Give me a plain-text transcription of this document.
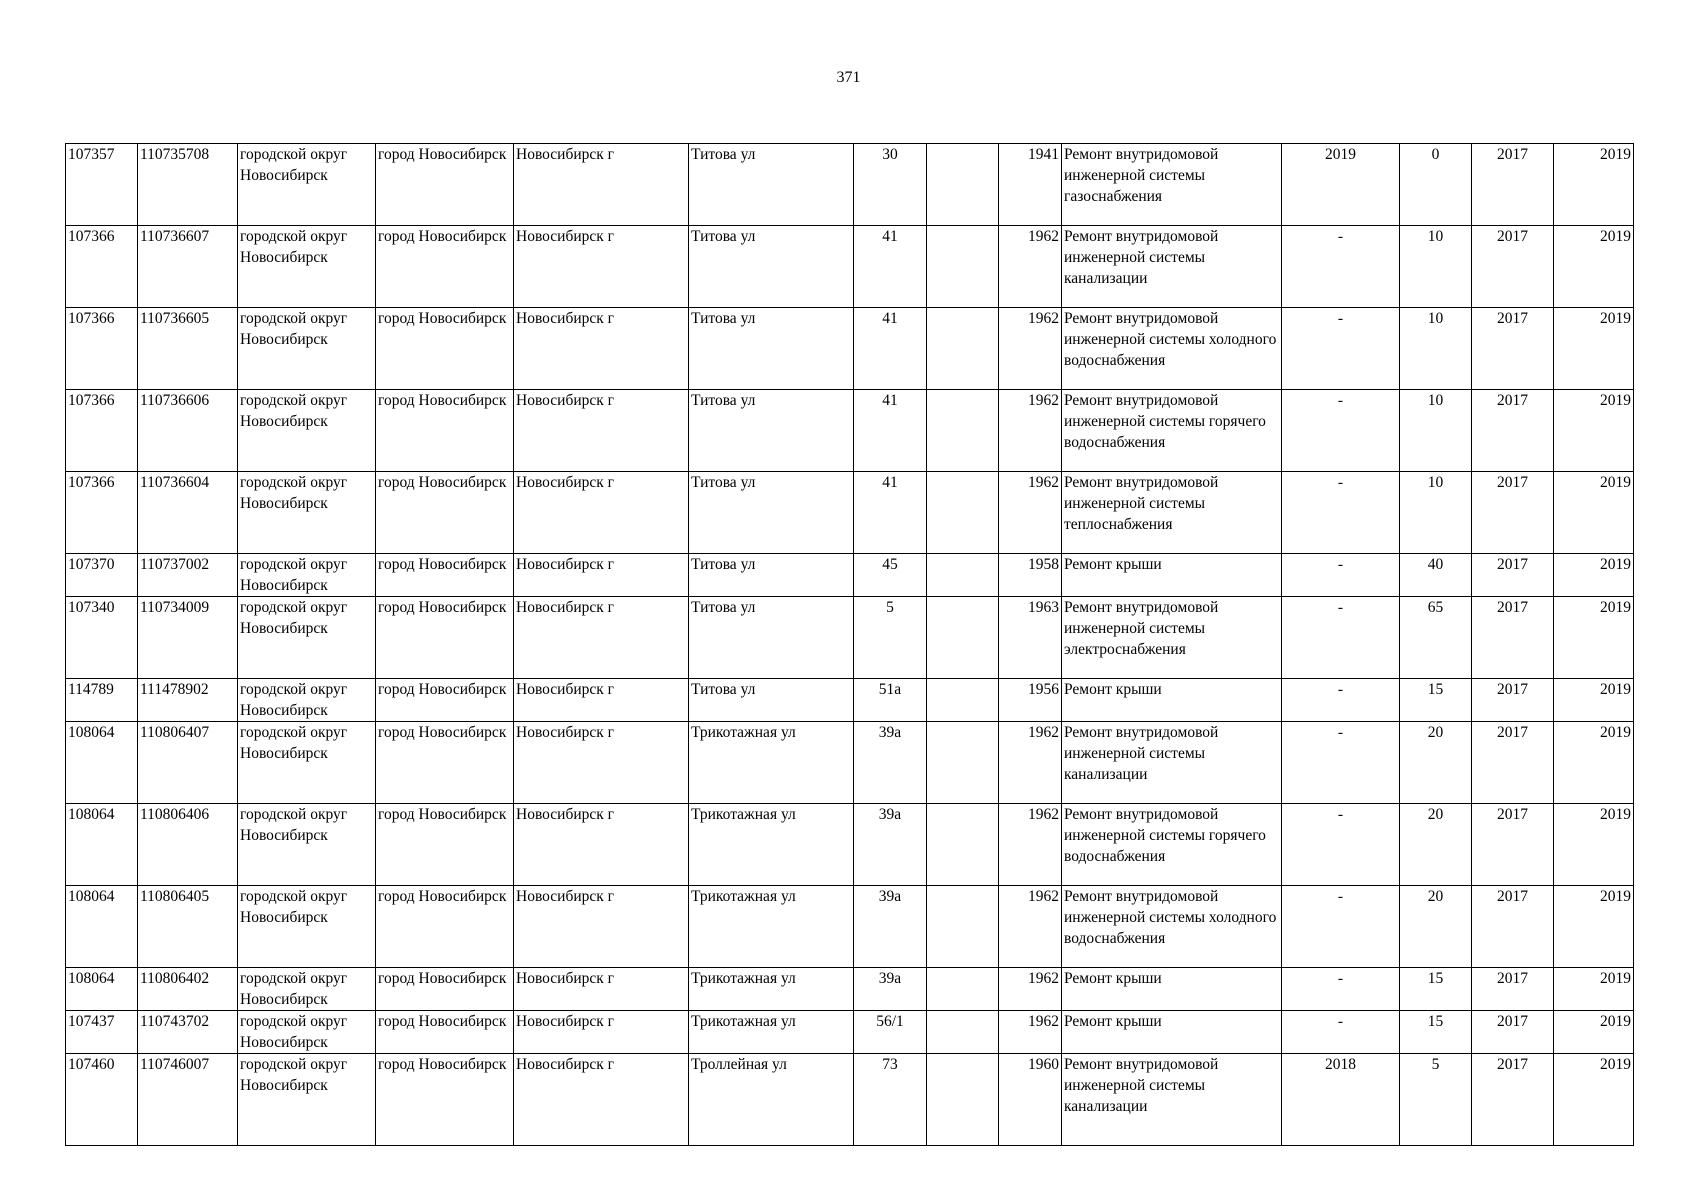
371
107357	110735708	городской округ Новосибирск	город Новосибирск	Новосибирск г	Титова ул	30		1941	Ремонт внутридомовой инженерной системы газоснабжения	2019	0	2017	2019
107366	110736607	городской округ Новосибирск	город Новосибирск	Новосибирск г	Титова ул	41		1962	Ремонт внутридомовой инженерной системы канализации	-	10	2017	2019
107366	110736605	городской округ Новосибирск	город Новосибирск	Новосибирск г	Титова ул	41		1962	Ремонт внутридомовой инженерной системы холодного водоснабжения	-	10	2017	2019
107366	110736606	городской округ Новосибирск	город Новосибирск	Новосибирск г	Титова ул	41		1962	Ремонт внутридомовой инженерной системы горячего водоснабжения	-	10	2017	2019
107366	110736604	городской округ Новосибирск	город Новосибирск	Новосибирск г	Титова ул	41		1962	Ремонт внутридомовой инженерной системы теплоснабжения	-	10	2017	2019
107370	110737002	городской округ Новосибирск	город Новосибирск	Новосибирск г	Титова ул	45		1958	Ремонт крыши	-	40	2017	2019
107340	110734009	городской округ Новосибирск	город Новосибирск	Новосибирск г	Титова ул	5		1963	Ремонт внутридомовой инженерной системы электроснабжения	-	65	2017	2019
114789	111478902	городской округ Новосибирск	город Новосибирск	Новосибирск г	Титова ул	51а		1956	Ремонт крыши	-	15	2017	2019
108064	110806407	городской округ Новосибирск	город Новосибирск	Новосибирск г	Трикотажная ул	39а		1962	Ремонт внутридомовой инженерной системы канализации	-	20	2017	2019
108064	110806406	городской округ Новосибирск	город Новосибирск	Новосибирск г	Трикотажная ул	39а		1962	Ремонт внутридомовой инженерной системы горячего водоснабжения	-	20	2017	2019
108064	110806405	городской округ Новосибирск	город Новосибирск	Новосибирск г	Трикотажная ул	39а		1962	Ремонт внутридомовой инженерной системы холодного водоснабжения	-	20	2017	2019
108064	110806402	городской округ Новосибирск	город Новосибирск	Новосибирск г	Трикотажная ул	39а		1962	Ремонт крыши	-	15	2017	2019
107437	110743702	городской округ Новосибирск	город Новосибирск	Новосибирск г	Трикотажная ул	56/1		1962	Ремонт крыши	-	15	2017	2019
107460	110746007	городской округ Новосибирск	город Новосибирск	Новосибирск г	Троллейная ул	73		1960	Ремонт внутридомовой инженерной системы канализации	2018	5	2017	2019
